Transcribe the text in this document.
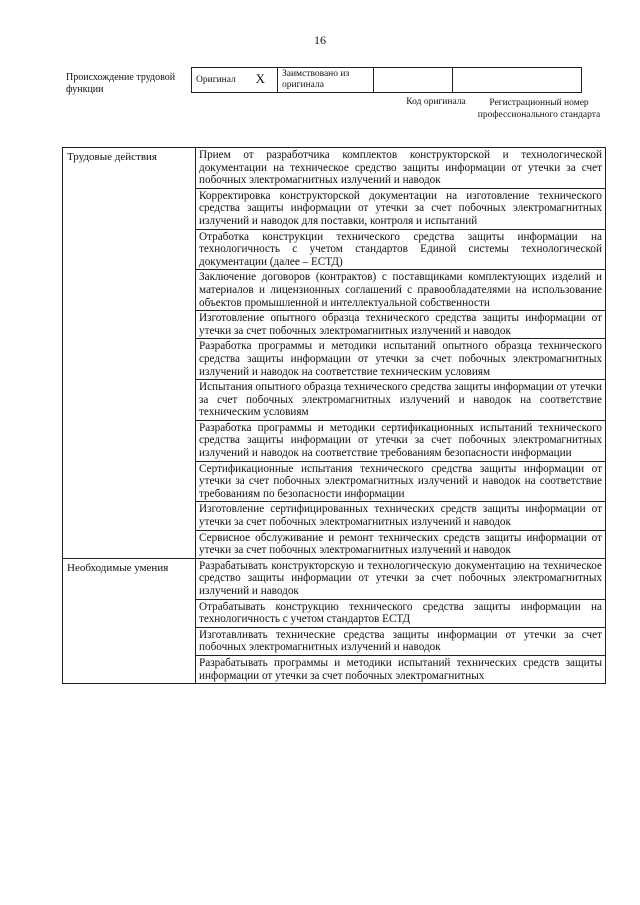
16
Происхождение трудовой функции
Оригинал X	Заимствовано из оригинала		
Код оригинала	Регистрационный номер профессионального стандарта
Трудовые действия	Прием от разработчика комплектов конструкторской и технологической документации на техническое средство защиты информации от утечки за счет побочных электромагнитных излучений и наводок
	Корректировка конструкторской документации на изготовление технического средства защиты информации от утечки за счет побочных электромагнитных излучений и наводок для поставки, контроля и испытаний
	Отработка конструкции технического средства защиты информации на технологичность с учетом стандартов Единой системы технологической документации (далее – ЕСТД)
	Заключение договоров (контрактов) с поставщиками комплектующих изделий и материалов и лицензионных соглашений с правообладателями на использование объектов промышленной и интеллектуальной собственности
	Изготовление опытного образца технического средства защиты информации от утечки за счет побочных электромагнитных излучений и наводок
	Разработка программы и методики испытаний опытного образца технического средства защиты информации от утечки за счет побочных электромагнитных излучений и наводок на соответствие техническим условиям
	Испытания опытного образца технического средства защиты информации от утечки за счет побочных электромагнитных излучений и наводок на соответствие техническим условиям
	Разработка программы и методики сертификационных испытаний технического средства защиты информации от утечки за счет побочных электромагнитных излучений и наводок на соответствие требованиям безопасности информации
	Сертификационные испытания технического средства защиты информации от утечки за счет побочных электромагнитных излучений и наводок на соответствие требованиям по безопасности информации
	Изготовление сертифицированных технических средств защиты информации от утечки за счет побочных электромагнитных излучений и наводок
	Сервисное обслуживание и ремонт технических средств защиты информации от утечки за счет побочных электромагнитных излучений и наводок
Необходимые умения	Разрабатывать конструкторскую и технологическую документацию на техническое средство защиты информации от утечки за счет побочных электромагнитных излучений и наводок
	Отрабатывать конструкцию технического средства защиты информации на технологичность с учетом стандартов ЕСТД
	Изготавливать технические средства защиты информации от утечки за счет побочных электромагнитных излучений и наводок
	Разрабатывать программы и методики испытаний технических средств защиты информации от утечки за счет побочных электромагнитных
